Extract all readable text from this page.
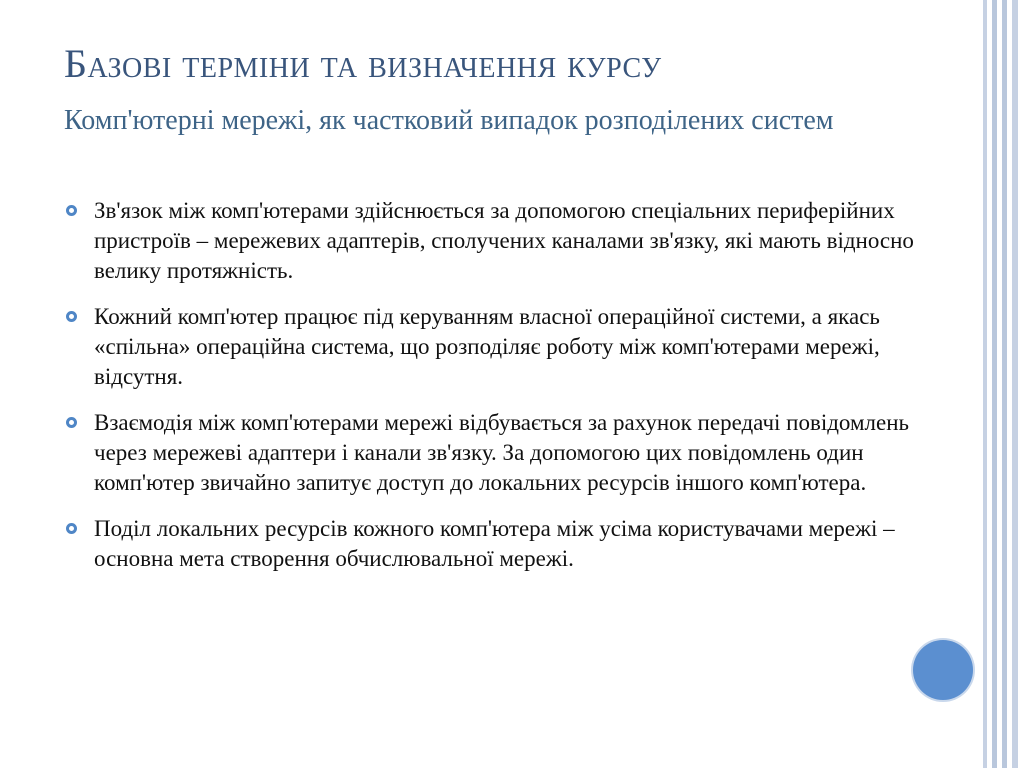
Базові терміни та визначення курсу
Комп'ютерні мережі, як частковий випадок розподілених систем
Зв'язок між комп'ютерами здійснюється за допомогою спеціальних периферійних пристроїв – мережевих адаптерів, сполучених каналами зв'язку, які мають відносно велику протяжність.
Кожний комп'ютер працює під керуванням власної операційної системи, а якась «спільна» операційна система, що розподіляє роботу між комп'ютерами мережі, відсутня.
Взаємодія між комп'ютерами мережі відбувається за рахунок передачі повідомлень через мережеві адаптери і канали зв'язку. За допомогою цих повідомлень один комп'ютер звичайно запитує доступ до локальних ресурсів іншого комп'ютера.
Поділ локальних ресурсів кожного комп'ютера між усіма користувачами мережі – основна мета створення обчислювальної мережі.
